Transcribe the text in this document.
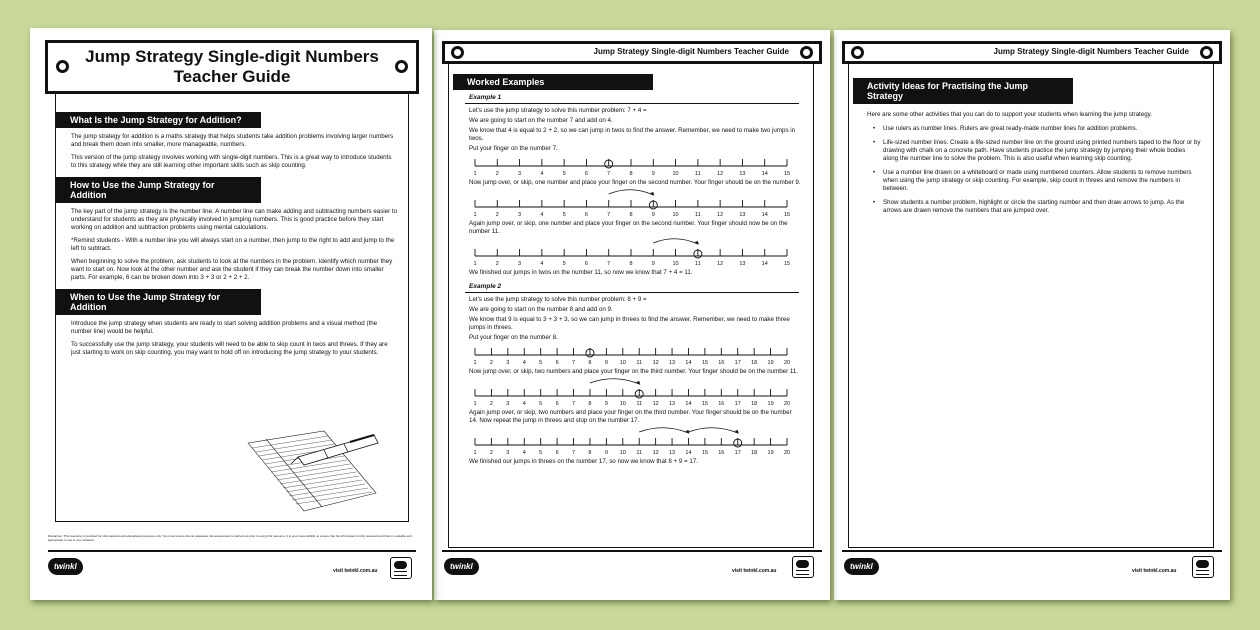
Jump Strategy Single-digit Numbers
Teacher Guide
What Is the Jump Strategy for Addition?

The jump strategy for addition is a maths strategy that helps students take addition problems involving larger numbers and break them down into smaller, more manageable, numbers.

This version of the jump strategy involves working with single-digit numbers. This is a great way to introduce students to this strategy while they are still learning other important skills such as skip counting.

How to Use the Jump Strategy for Addition

The key part of the jump strategy is the number line. A number line can make adding and subtracting numbers easier to understand for students as they are physically involved in jumping numbers. This is good practice before they start working on addition and subtraction problems using mental calculations.

*Remind students - With a number line you will always start on a number, then jump to the right to add and jump to the left to subtract.

When beginning to solve the problem, ask students to look at the numbers in the problem. Identify which number they want to start on. Now look at the other number and ask the student if they can break the number down into smaller parts. For example, 6 can be broken down into 3 + 3 or 2 + 2 + 2.

When to Use the Jump Strategy for Addition

Introduce the jump strategy when students are ready to start solving addition problems and a visual method (the number line) would be helpful.

To successfully use the jump strategy, your students will need to be able to skip count in twos and threes. If they are just starting to work on skip counting, you may want to hold off on introducing the jump strategy to your students.

Disclaimer: This resource is provided for informational and educational purposes only. You must ensure that an adequate risk assessment is carried out prior to using this resource. It is your responsibility to ensure that the information is fully reviewed and that it is suitable and appropriate to use in your situation.
twinkl	visit twinkl.com.au
Jump Strategy Single-digit Numbers Teacher Guide
Worked Examples
Example 1

Let's use the jump strategy to solve this number problem: 7 + 4 =

We are going to start on the number 7 and add on 4.

We know that 4 is equal to 2 + 2, so we can jump in twos to find the answer. Remember, we need to make two jumps in twos.

Put your finger on the number 7.

1	2	3	4	5	6	7	8	9	10	11	12	13	14	15

Now jump over, or skip, one number and place your finger on the second number. Your finger should be on the number 9.

1	2	3	4	5	6	7	8	9	10	11	12	13	14	15

Again jump over, or skip, one number and place your finger on the second number. Your finger should now be on the number 11.

1	2	3	4	5	6	7	8	9	10	11	12	13	14	15

We finished our jumps in twos on the number 11, so now we know that 7 + 4 = 11.

Example 2

Let's use the jump strategy to solve this number problem: 8 + 9 =

We are going to start on the number 8 and add on 9.

We know that 9 is equal to 3 + 3 + 3, so we can jump in threes to find the answer. Remember, we need to make three jumps in threes.

Put your finger on the number 8.

1 2 3 4 5 6 7 8 9 10 11 12 13 14 15 16 17 18 19 20

Now jump over, or skip, two numbers and place your finger on the third number. Your finger should be on the number 11.

1 2 3 4 5 6 7 8 9 10 11 12 13 14 15 16 17 18 19 20

Again jump over, or skip, two numbers and place your finger on the third number. Your finger should be on the number 14. Now repeat the jump in threes and stop on the number 17.

1 2 3 4 5 6 7 8 9 10 11 12 13 14 15 16 17 18 19 20

We finished our jumps in threes on the number 17, so now we know that 8 + 9 = 17.

twinkl	visit twinkl.com.au
Jump Strategy Single-digit Numbers Teacher Guide
Activity Ideas for Practising the Jump Strategy

Here are some other activities that you can do to support your students when learning the jump strategy.

• Use rulers as number lines. Rulers are great ready-made number lines for addition problems.
• Life-sized number lines. Create a life-sized number line on the ground using printed numbers taped to the floor or by drawing with chalk on a concrete path. Have students practice the jump strategy by jumping their whole bodies along the number line to solve the problem. This is also useful when learning skip counting.
• Use a number line drawn on a whiteboard or made using numbered counters. Allow students to remove numbers when using the jump strategy or skip counting. For example, skip count in threes and remove the numbers in between.
• Show students a number problem, highlight or circle the starting number and then draw arrows to jump. As the arrows are drawn remove the numbers that are jumped over.
twinkl	visit twinkl.com.au
